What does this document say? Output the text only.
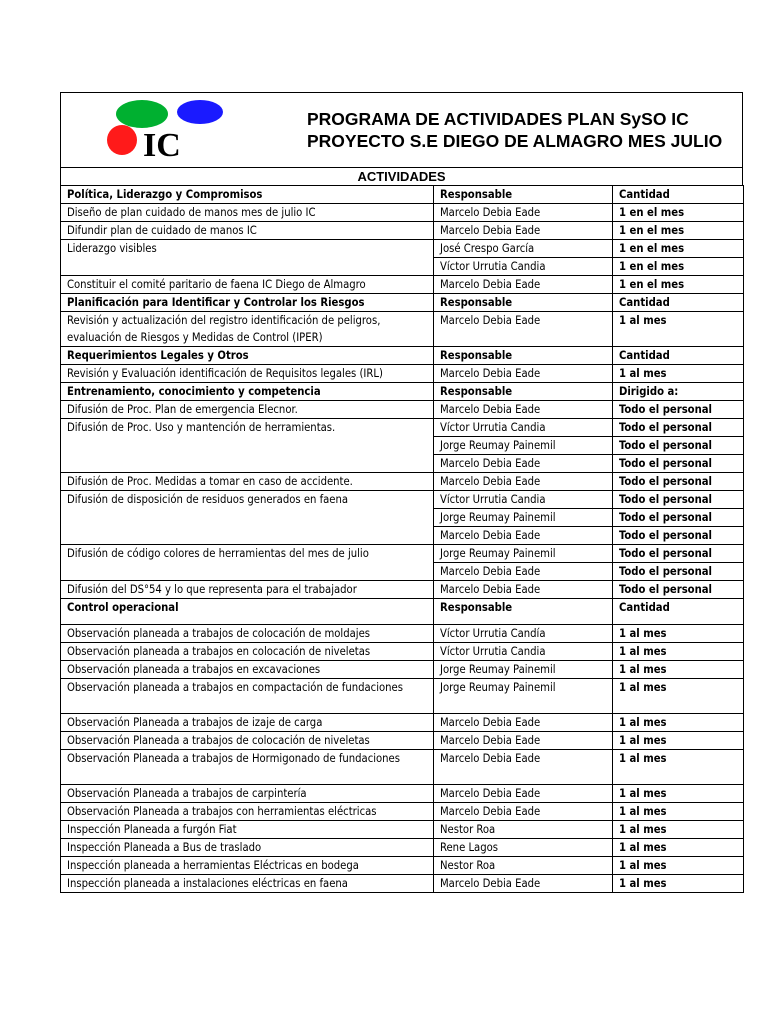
IC
PROGRAMA DE ACTIVIDADES PLAN SySO IC
PROYECTO S.E DIEGO DE ALMAGRO MES JULIO
ACTIVIDADES
Política, Liderazgo y Compromisos	Responsable	Cantidad
Diseño de plan cuidado de manos mes de julio IC	Marcelo Debia Eade	1 en el mes
Difundir plan de cuidado de manos IC	Marcelo Debia Eade	1 en el mes
Liderazgo visibles	José Crespo García	1 en el mes
	Víctor Urrutia Candia	1 en el mes
Constituir el comité paritario de faena IC Diego de Almagro	Marcelo Debia Eade	1 en el mes
Planificación para Identificar y Controlar los Riesgos	Responsable	Cantidad
Revisión y actualización del registro identificación de peligros, evaluación de Riesgos y Medidas de Control (IPER)	Marcelo Debia Eade	1 al mes
Requerimientos Legales y Otros	Responsable	Cantidad
Revisión y Evaluación identificación de Requisitos legales (IRL)	Marcelo Debia Eade	1 al mes
Entrenamiento, conocimiento y competencia	Responsable	Dirigido a:
Difusión de Proc. Plan de emergencia Elecnor.	Marcelo Debia Eade	Todo el personal
Difusión de Proc. Uso y mantención de herramientas.	Víctor Urrutia Candia	Todo el personal
	Jorge Reumay Painemil	Todo el personal
	Marcelo Debia Eade	Todo el personal
Difusión de Proc. Medidas a tomar en caso de accidente.	Marcelo Debia Eade	Todo el personal
Difusión de disposición de residuos generados en faena	Víctor Urrutia Candia	Todo el personal
	Jorge Reumay Painemil	Todo el personal
	Marcelo Debia Eade	Todo el personal
Difusión de código colores de herramientas del mes de julio	Jorge Reumay Painemil	Todo el personal
	Marcelo Debia Eade	Todo el personal
Difusión del DS°54 y lo que representa para el trabajador	Marcelo Debia Eade	Todo el personal
Control operacional	Responsable	Cantidad
Observación planeada a trabajos de colocación de moldajes	Víctor Urrutia Candía	1 al mes
Observación planeada a trabajos en colocación de niveletas	Víctor Urrutia Candia	1 al mes
Observación planeada a trabajos en excavaciones	Jorge Reumay Painemil	1 al mes
Observación planeada a trabajos en compactación de fundaciones	Jorge Reumay Painemil	1 al mes
Observación Planeada a trabajos de izaje de carga	Marcelo Debia Eade	1 al mes
Observación Planeada a trabajos de colocación de niveletas	Marcelo Debia Eade	1 al mes
Observación Planeada a trabajos de Hormigonado de fundaciones	Marcelo Debia Eade	1 al mes
Observación Planeada a trabajos de carpintería	Marcelo Debia Eade	1 al mes
Observación Planeada a trabajos con herramientas eléctricas	Marcelo Debia Eade	1 al mes
Inspección Planeada a furgón Fiat	Nestor Roa	1 al mes
Inspección Planeada a Bus de traslado	Rene Lagos	1 al mes
Inspección planeada a herramientas Eléctricas en bodega	Nestor Roa	1 al mes
Inspección planeada a instalaciones eléctricas en faena	Marcelo Debia Eade	1 al mes
